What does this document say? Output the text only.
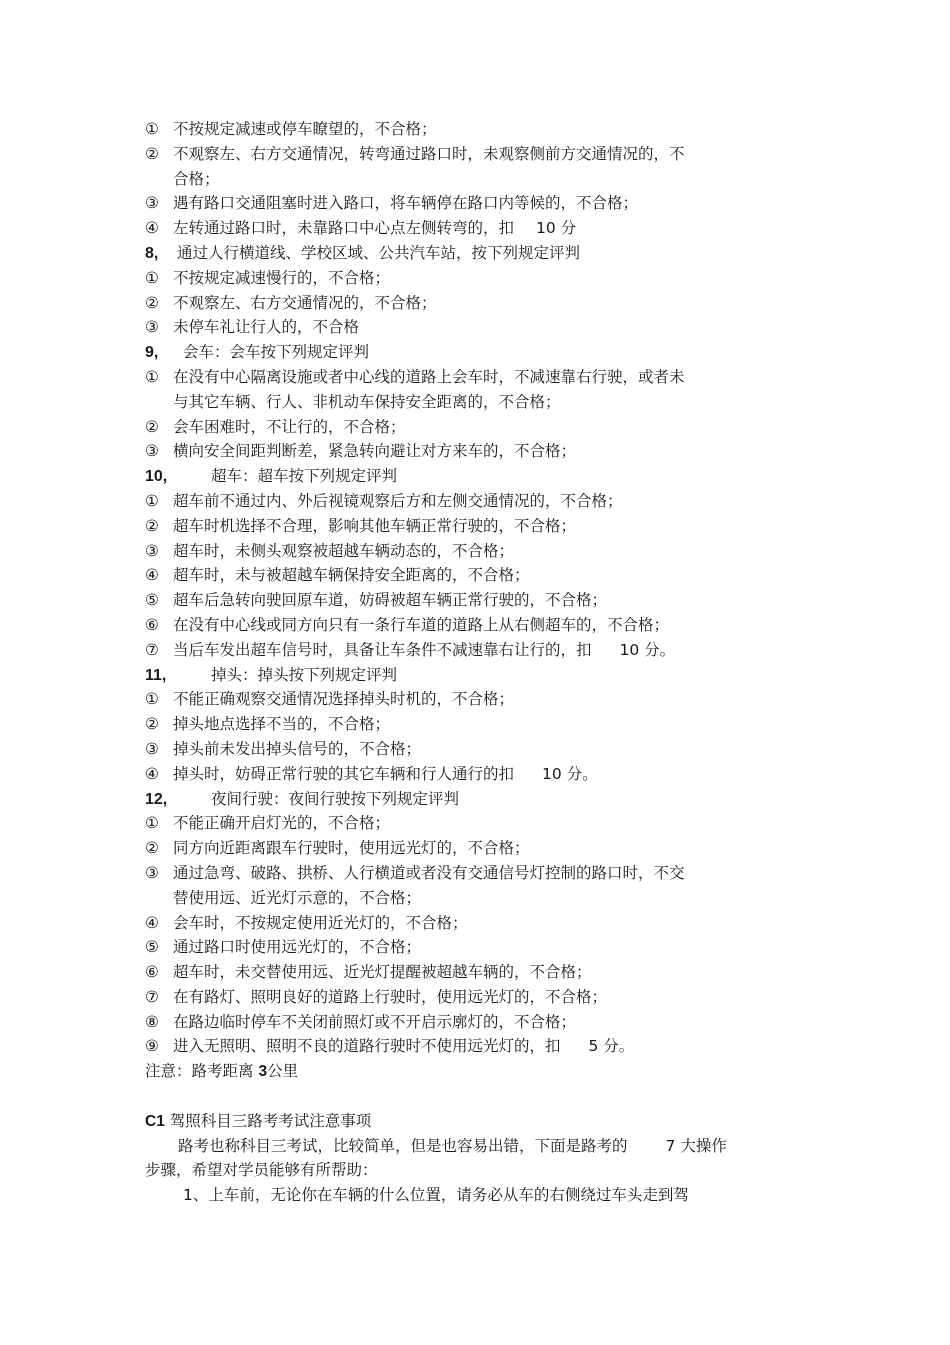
① 不按规定减速或停车瞭望的，不合格；
② 不观察左、右方交通情况，转弯通过路口时，未观察侧前方交通情况的，不
合格；
③ 遇有路口交通阻塞时进入路口，将车辆停在路口内等候的，不合格；
④ 左转通过路口时，未靠路口中心点左侧转弯的，扣 10 分
8, 通过人行横道线、学校区域、公共汽车站，按下列规定评判
① 不按规定减速慢行的，不合格；
② 不观察左、右方交通情况的，不合格；
③ 未停车礼让行人的，不合格
9, 会车：会车按下列规定评判
① 在没有中心隔离设施或者中心线的道路上会车时，不减速靠右行驶，或者未
与其它车辆、行人、非机动车保持安全距离的，不合格；
② 会车困难时，不让行的，不合格；
③ 横向安全间距判断差，紧急转向避让对方来车的，不合格；
10,	超车：超车按下列规定评判
① 超车前不通过内、外后视镜观察后方和左侧交通情况的，不合格；
② 超车时机选择不合理，影响其他车辆正常行驶的，不合格；
③ 超车时，未侧头观察被超越车辆动态的，不合格；
④ 超车时，未与被超越车辆保持安全距离的，不合格；
⑤ 超车后急转向驶回原车道，妨碍被超车辆正常行驶的，不合格；
⑥ 在没有中心线或同方向只有一条行车道的道路上从右侧超车的，不合格；
⑦ 当后车发出超车信号时，具备让车条件不减速靠右让行的，扣 10 分。
11,	掉头：掉头按下列规定评判
① 不能正确观察交通情况选择掉头时机的，不合格；
② 掉头地点选择不当的，不合格；
③ 掉头前未发出掉头信号的，不合格；
④ 掉头时，妨碍正常行驶的其它车辆和行人通行的扣 10 分。
12,	夜间行驶：夜间行驶按下列规定评判
① 不能正确开启灯光的，不合格；
② 同方向近距离跟车行驶时，使用远光灯的，不合格；
③ 通过急弯、破路、拱桥、人行横道或者没有交通信号灯控制的路口时，不交
替使用远、近光灯示意的，不合格；
④ 会车时，不按规定使用近光灯的，不合格；
⑤ 通过路口时使用远光灯的，不合格；
⑥ 超车时，未交替使用远、近光灯提醒被超越车辆的，不合格；
⑦ 在有路灯、照明良好的道路上行驶时，使用远光灯的，不合格；
⑧ 在路边临时停车不关闭前照灯或不开启示廓灯的，不合格；
⑨ 进入无照明、照明不良的道路行驶时不使用远光灯的，扣 5 分。
注意：路考距离 3公里
C1 驾照科目三路考考试注意事项
路考也称科目三考试，比较简单，但是也容易出错，下面是路考的 7 大操作
步骤，希望对学员能够有所帮助：
1、上车前，无论你在车辆的什么位置，请务必从车的右侧绕过车头走到驾
